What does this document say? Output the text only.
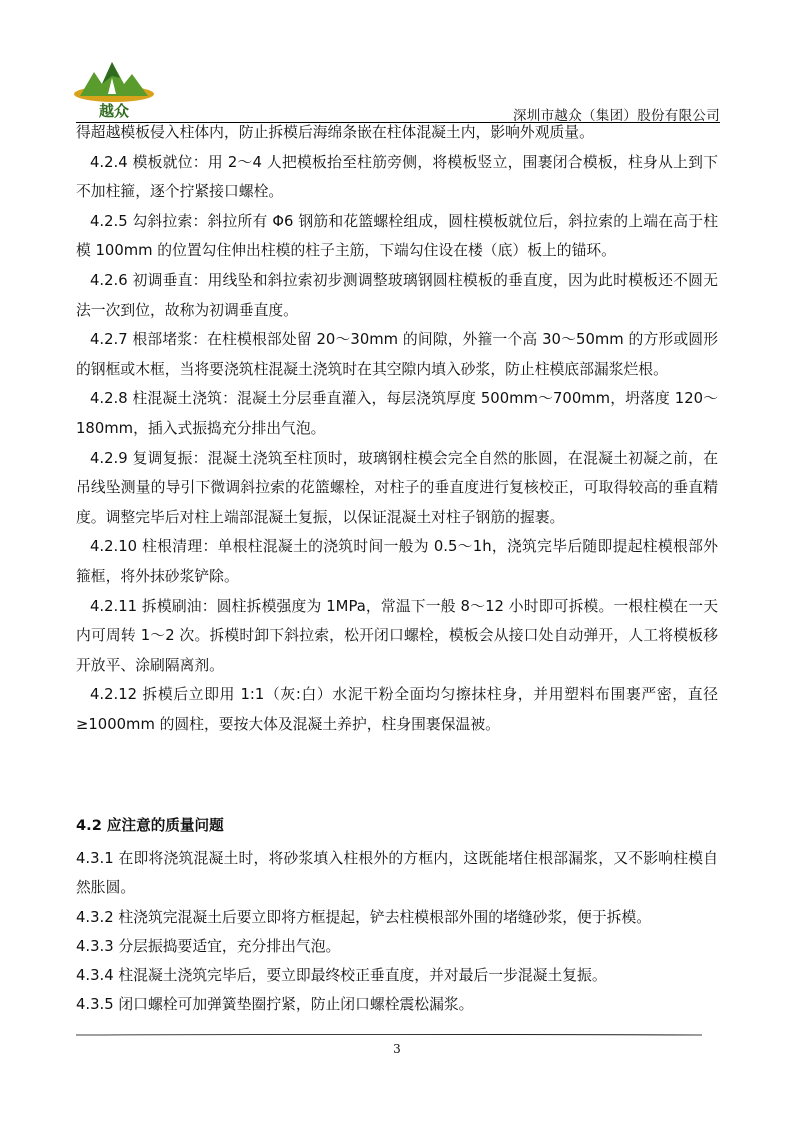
越众	深圳市越众（集团）股份有限公司

得超越模板侵入柱体内，防止拆模后海绵条嵌在柱体混凝土内，影响外观质量。

4.2.4 模板就位：用 2～4 人把模板抬至柱筋旁侧，将模板竖立，围裹闭合模板，柱身从上到下不加柱箍，逐个拧紧接口螺栓。

4.2.5 勾斜拉索：斜拉所有 Φ6 钢筋和花篮螺栓组成，圆柱模板就位后，斜拉索的上端在高于柱模 100mm 的位置勾住伸出柱模的柱子主筋，下端勾住设在楼（底）板上的锚环。

4.2.6 初调垂直：用线坠和斜拉索初步测调整玻璃钢圆柱模板的垂直度，因为此时模板还不圆无法一次到位，故称为初调垂直度。

4.2.7 根部堵浆：在柱模根部处留 20～30mm 的间隙，外箍一个高 30～50mm 的方形或圆形的钢框或木框，当将要浇筑柱混凝土浇筑时在其空隙内填入砂浆，防止柱模底部漏浆烂根。

4.2.8 柱混凝土浇筑：混凝土分层垂直灌入，每层浇筑厚度 500mm～700mm，坍落度 120～180mm，插入式振捣充分排出气泡。

4.2.9 复调复振：混凝土浇筑至柱顶时，玻璃钢柱模会完全自然的胀圆，在混凝土初凝之前，在吊线坠测量的导引下微调斜拉索的花篮螺栓，对柱子的垂直度进行复核校正，可取得较高的垂直精度。调整完毕后对柱上端部混凝土复振，以保证混凝土对柱子钢筋的握裹。

4.2.10 柱根清理：单根柱混凝土的浇筑时间一般为 0.5～1h，浇筑完毕后随即提起柱模根部外箍框，将外抹砂浆铲除。

4.2.11 拆模刷油：圆柱拆模强度为 1MPa，常温下一般 8～12 小时即可拆模。一根柱模在一天内可周转 1～2 次。拆模时卸下斜拉索，松开闭口螺栓，模板会从接口处自动弹开，人工将模板移开放平、涂刷隔离剂。

4.2.12 拆模后立即用 1:1（灰:白）水泥干粉全面均匀擦抹柱身，并用塑料布围裹严密，直径≥1000mm 的圆柱，要按大体及混凝土养护，柱身围裹保温被。

4.2 应注意的质量问题

4.3.1 在即将浇筑混凝土时，将砂浆填入柱根外的方框内，这既能堵住根部漏浆，又不影响柱模自然胀圆。

4.3.2 柱浇筑完混凝土后要立即将方框提起，铲去柱模根部外围的堵缝砂浆，便于拆模。

4.3.3 分层振捣要适宜，充分排出气泡。

4.3.4 柱混凝土浇筑完毕后，要立即最终校正垂直度，并对最后一步混凝土复振。

4.3.5 闭口螺栓可加弹簧垫圈拧紧，防止闭口螺栓震松漏浆。

3
